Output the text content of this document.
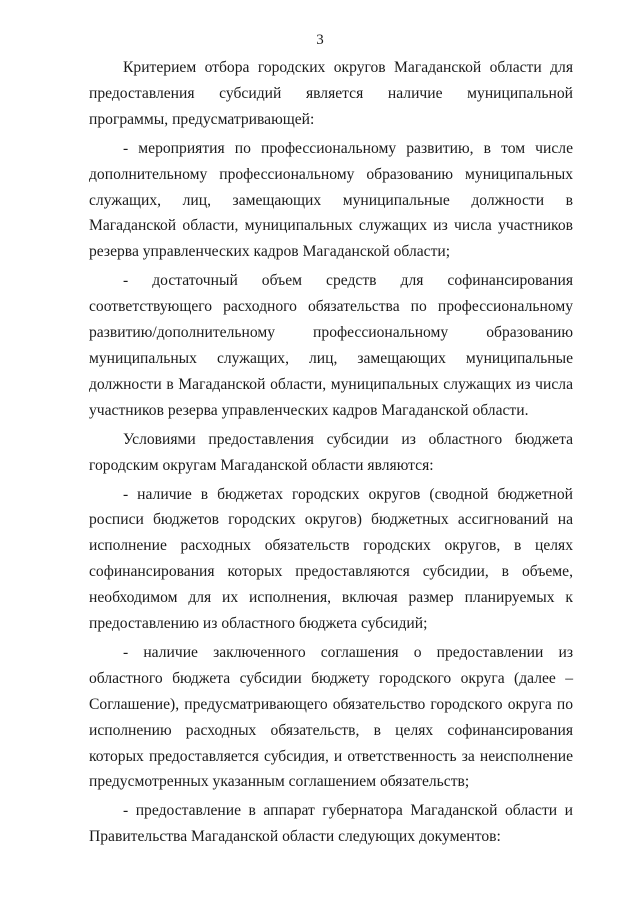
3

Критерием отбора городских округов Магаданской области для предоставления субсидий является наличие муниципальной программы, предусматривающей:

- мероприятия по профессиональному развитию, в том числе дополнительному профессиональному образованию муниципальных служащих, лиц, замещающих муниципальные должности в Магаданской области, муниципальных служащих из числа участников резерва управленческих кадров Магаданской области;

- достаточный объем средств для софинансирования соответствующего расходного обязательства по профессиональному развитию/дополнительному профессиональному образованию муниципальных служащих, лиц, замещающих муниципальные должности в Магаданской области, муниципальных служащих из числа участников резерва управленческих кадров Магаданской области.

Условиями предоставления субсидии из областного бюджета городским округам Магаданской области являются:

- наличие в бюджетах городских округов (сводной бюджетной росписи бюджетов городских округов) бюджетных ассигнований на исполнение расходных обязательств городских округов, в целях софинансирования которых предоставляются субсидии, в объеме, необходимом для их исполнения, включая размер планируемых к предоставлению из областного бюджета субсидий;

- наличие заключенного соглашения о предоставлении из областного бюджета субсидии бюджету городского округа (далее – Соглашение), предусматривающего обязательство городского округа по исполнению расходных обязательств, в целях софинансирования которых предоставляется субсидия, и ответственность за неисполнение предусмотренных указанным соглашением обязательств;

- предоставление в аппарат губернатора Магаданской области и Правительства Магаданской области следующих документов:
